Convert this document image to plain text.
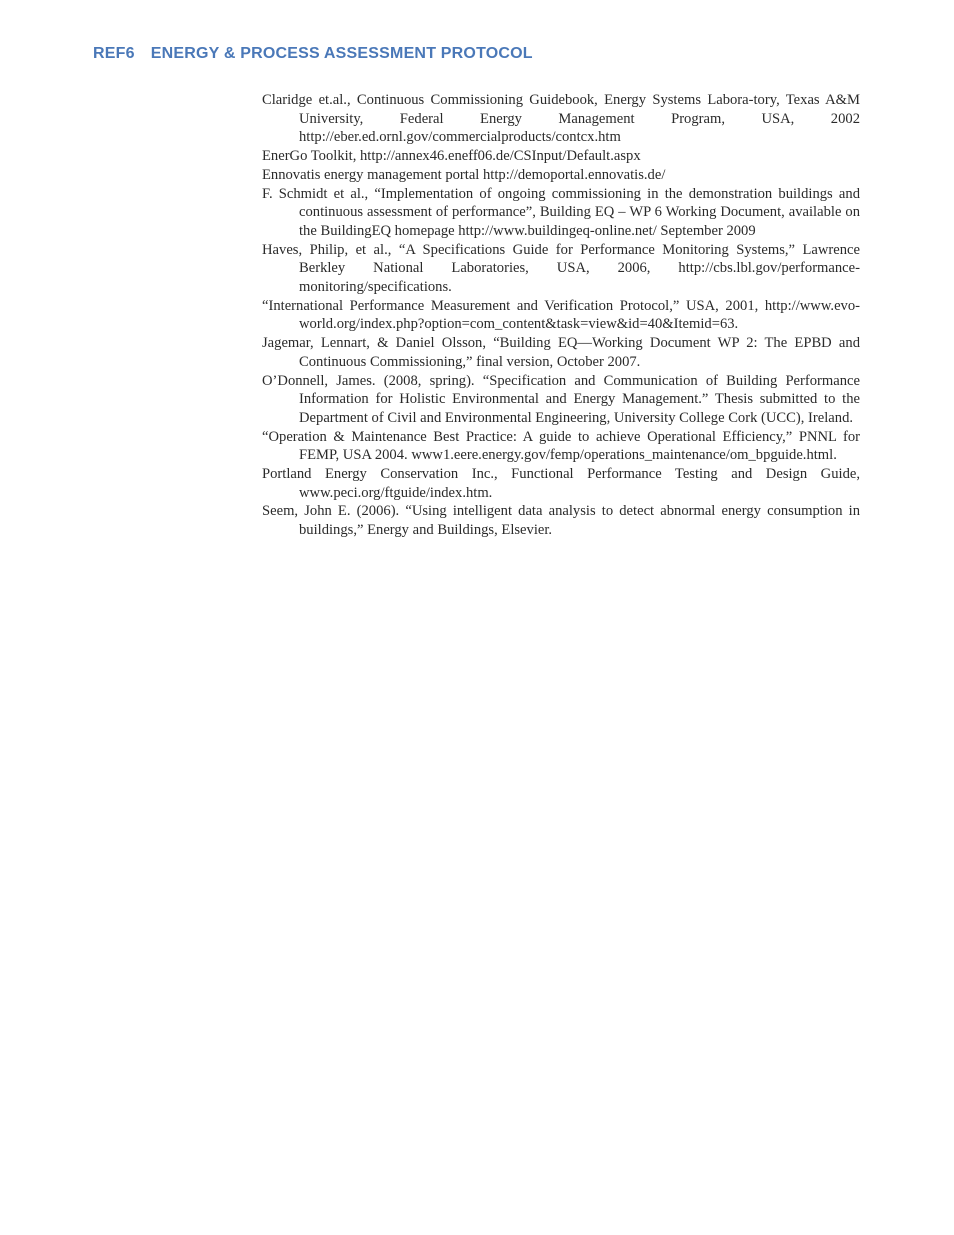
REF6 ENERGY & PROCESS ASSESSMENT PROTOCOL
Claridge et.al., Continuous Commissioning Guidebook, Energy Systems Labora-tory, Texas A&M University, Federal Energy Management Program, USA, 2002 http://eber.ed.ornl.gov/commercialproducts/contcx.htm
EnerGo Toolkit, http://annex46.eneff06.de/CSInput/Default.aspx
Ennovatis energy management portal http://demoportal.ennovatis.de/
F. Schmidt et al., “Implementation of ongoing commissioning in the demonstration buildings and continuous assessment of performance”, Building EQ – WP 6 Working Document, available on the BuildingEQ homepage http://www.buildingeq-online.net/ September 2009
Haves, Philip, et al., “A Specifications Guide for Performance Monitoring Systems,” Lawrence Berkley National Laboratories, USA, 2006, http://cbs.lbl.gov/performance-monitoring/specifications.
“International Performance Measurement and Verification Protocol,” USA, 2001, http://www.evo-world.org/index.php?option=com_content&task=view&id=40&Itemid=63.
Jagemar, Lennart, & Daniel Olsson, “Building EQ—Working Document WP 2: The EPBD and Continuous Commissioning,” final version, October 2007.
O’Donnell, James. (2008, spring). “Specification and Communication of Building Performance Information for Holistic Environmental and Energy Management.” Thesis submitted to the Department of Civil and Environmental Engineering, University College Cork (UCC), Ireland.
“Operation & Maintenance Best Practice: A guide to achieve Operational Efficiency,” PNNL for FEMP, USA 2004. www1.eere.energy.gov/femp/operations_maintenance/om_bpguide.html.
Portland Energy Conservation Inc., Functional Performance Testing and Design Guide, www.peci.org/ftguide/index.htm.
Seem, John E. (2006). “Using intelligent data analysis to detect abnormal energy consumption in buildings,” Energy and Buildings, Elsevier.
